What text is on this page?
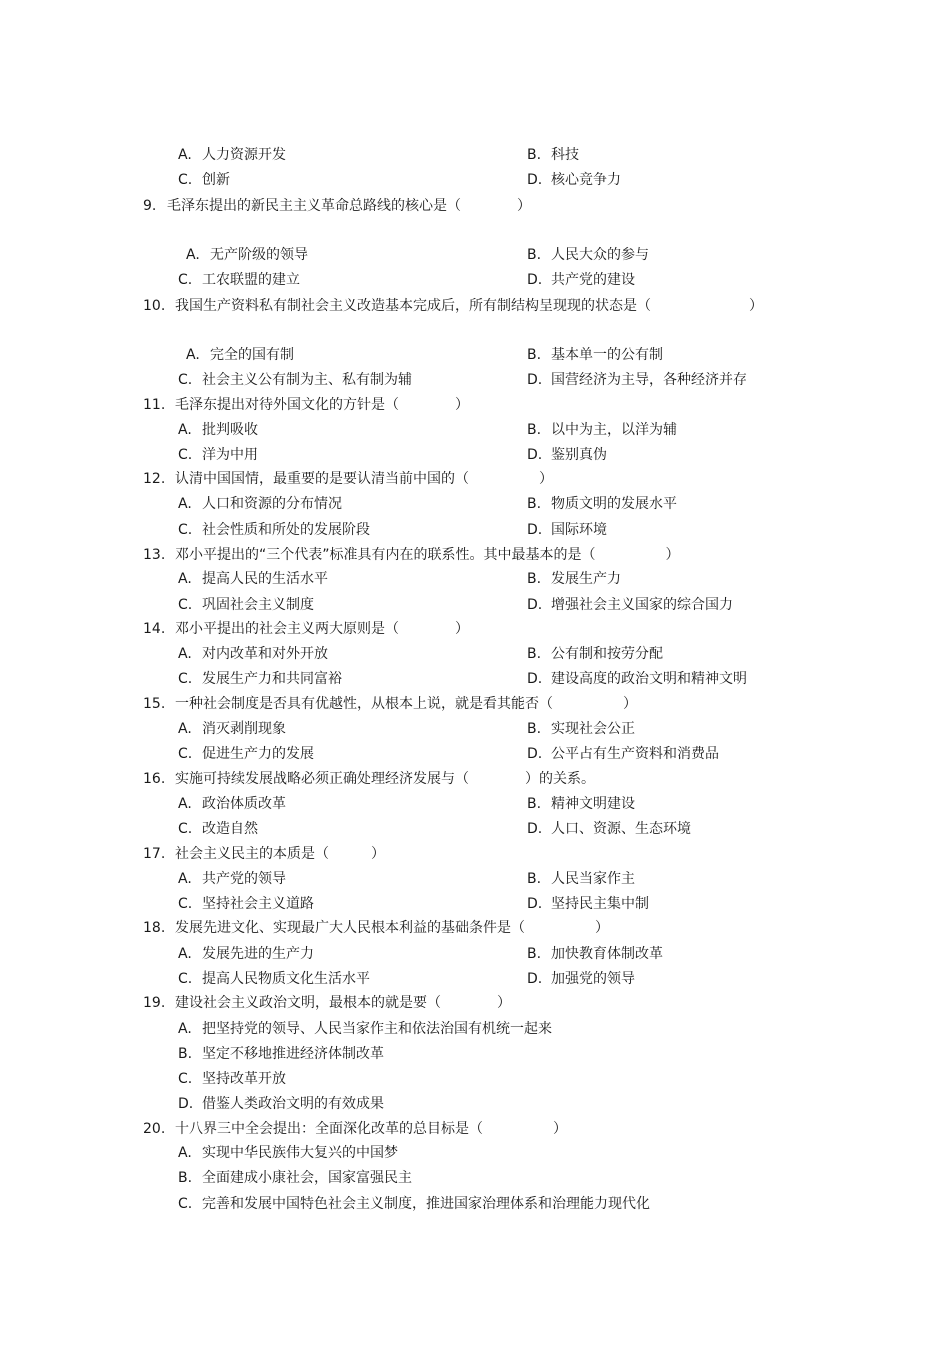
A. 人力资源开发	B. 科技
C. 创新	D. 核心竞争力
9. 毛泽东提出的新民主主义革命总路线的核心是（　　　　）
A. 无产阶级的领导	B. 人民大众的参与
C. 工农联盟的建立	D. 共产党的建设
10. 我国生产资料私有制社会主义改造基本完成后，所有制结构呈现现的状态是（　　　　　　　）
A. 完全的国有制	B. 基本单一的公有制
C. 社会主义公有制为主、私有制为辅	D. 国营经济为主导，各种经济并存
11. 毛泽东提出对待外国文化的方针是（　　　　）
A. 批判吸收	B. 以中为主，以洋为辅
C. 洋为中用	D. 鉴别真伪
12. 认清中国国情，最重要的是要认清当前中国的（　　　　　）
A. 人口和资源的分布情况	B. 物质文明的发展水平
C. 社会性质和所处的发展阶段	D. 国际环境
13. 邓小平提出的“三个代表”标准具有内在的联系性。其中最基本的是（　　　　　）
A. 提高人民的生活水平	B. 发展生产力
C. 巩固社会主义制度	D. 增强社会主义国家的综合国力
14. 邓小平提出的社会主义两大原则是（　　　　）
A. 对内改革和对外开放	B. 公有制和按劳分配
C. 发展生产力和共同富裕	D. 建设高度的政治文明和精神文明
15. 一种社会制度是否具有优越性，从根本上说，就是看其能否（　　　　　）
A. 消灭剥削现象	B. 实现社会公正
C. 促进生产力的发展	D. 公平占有生产资料和消费品
16. 实施可持续发展战略必须正确处理经济发展与（　　　　）的关系。
A. 政治体质改革	B. 精神文明建设
C. 改造自然	D. 人口、资源、生态环境
17. 社会主义民主的本质是（　　　）
A. 共产党的领导	B. 人民当家作主
C. 坚持社会主义道路	D. 坚持民主集中制
18. 发展先进文化、实现最广大人民根本利益的基础条件是（　　　　　）
A. 发展先进的生产力	B. 加快教育体制改革
C. 提高人民物质文化生活水平	D. 加强党的领导
19. 建设社会主义政治文明，最根本的就是要（　　　　）
A. 把坚持党的领导、人民当家作主和依法治国有机统一起来
B. 坚定不移地推进经济体制改革
C. 坚持改革开放
D. 借鉴人类政治文明的有效成果
20. 十八界三中全会提出：全面深化改革的总目标是（　　　　　）
A. 实现中华民族伟大复兴的中国梦
B. 全面建成小康社会，国家富强民主
C. 完善和发展中国特色社会主义制度，推进国家治理体系和治理能力现代化
